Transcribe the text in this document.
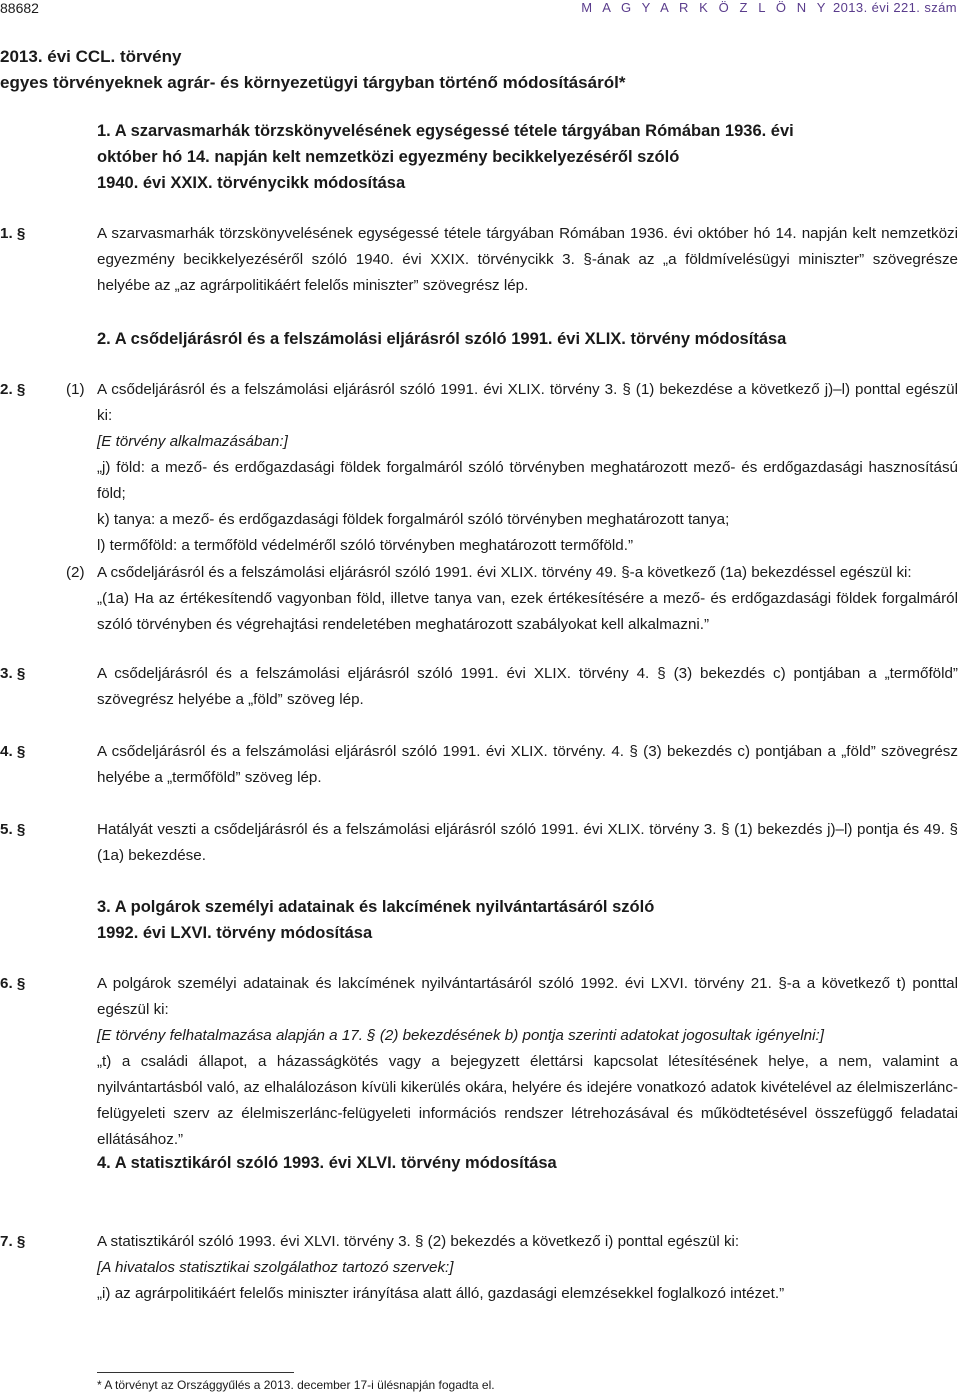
88682	M A G Y A R K Ö Z L Ö N Y 2013. évi 221. szám
2013. évi CCL. törvény
egyes törvényeknek agrár- és környezetügyi tárgyban történő módosításáról*
1. A szarvasmarhák törzskönyvelésének egységessé tétele tárgyában Rómában 1936. évi
október hó 14. napján kelt nemzetközi egyezmény becikkelyezéséről szóló
1940. évi XXIX. törvénycikk módosítása
1. §	A szarvasmarhák törzskönyvelésének egységessé tétele tárgyában Rómában 1936. évi október hó 14. napján kelt nemzetközi egyezmény becikkelyezéséről szóló 1940. évi XXIX. törvénycikk 3. §-ának az „a földmívelésügyi miniszter” szövegrésze helyébe az „az agrárpolitikáért felelős miniszter” szövegrész lép.

2. A csődeljárásról és a felszámolási eljárásról szóló 1991. évi XLIX. törvény módosítása
2. §	(1) A csődeljárásról és a felszámolási eljárásról szóló 1991. évi XLIX. törvény 3. § (1) bekezdése a következő j)–l) ponttal egészül ki:

[E törvény alkalmazásában:]

„j) föld: a mező- és erdőgazdasági földek forgalmáról szóló törvényben meghatározott mező- és erdőgazdasági hasznosítású föld;

k) tanya: a mező- és erdőgazdasági földek forgalmáról szóló törvényben meghatározott tanya;

l) termőföld: a termőföld védelméről szóló törvényben meghatározott termőföld.”

(2) A csődeljárásról és a felszámolási eljárásról szóló 1991. évi XLIX. törvény 49. §-a következő (1a) bekezdéssel egészül ki:

„(1a) Ha az értékesítendő vagyonban föld, illetve tanya van, ezek értékesítésére a mező- és erdőgazdasági földek forgalmáról szóló törvényben és végrehajtási rendeletében meghatározott szabályokat kell alkalmazni.”

3. §	A csődeljárásról és a felszámolási eljárásról szóló 1991. évi XLIX. törvény 4. § (3) bekezdés c) pontjában a „termőföld” szövegrész helyébe a „föld” szöveg lép.

4. §	A csődeljárásról és a felszámolási eljárásról szóló 1991. évi XLIX. törvény. 4. § (3) bekezdés c) pontjában a „föld” szövegrész helyébe a „termőföld” szöveg lép.

5. §	Hatályát veszti a csődeljárásról és a felszámolási eljárásról szóló 1991. évi XLIX. törvény 3. § (1) bekezdés j)–l) pontja és 49. § (1a) bekezdése.

3. A polgárok személyi adatainak és lakcímének nyilvántartásáról szóló
1992. évi LXVI. törvény módosítása
6. §	A polgárok személyi adatainak és lakcímének nyilvántartásáról szóló 1992. évi LXVI. törvény 21. §-a a következő t) ponttal egészül ki:

[E törvény felhatalmazása alapján a 17. § (2) bekezdésének b) pontja szerinti adatokat jogosultak igényelni:]

„t) a családi állapot, a házasságkötés vagy a bejegyzett élettársi kapcsolat létesítésének helye, a nem, valamint a nyilvántartásból való, az elhalálozáson kívüli kikerülés okára, helyére és idejére vonatkozó adatok kivételével az élelmiszerlánc-felügyeleti szerv az élelmiszerlánc-felügyeleti információs rendszer létrehozásával és működtetésével összefüggő feladatai ellátásához.”

4. A statisztikáról szóló 1993. évi XLVI. törvény módosítása
7. §	A statisztikáról szóló 1993. évi XLVI. törvény 3. § (2) bekezdés a következő i) ponttal egészül ki:

[A hivatalos statisztikai szolgálathoz tartozó szervek:]

„i) az agrárpolitikáért felelős miniszter irányítása alatt álló, gazdasági elemzésekkel foglalkozó intézet.”

* A törvényt az Országgyűlés a 2013. december 17-i ülésnapján fogadta el.
